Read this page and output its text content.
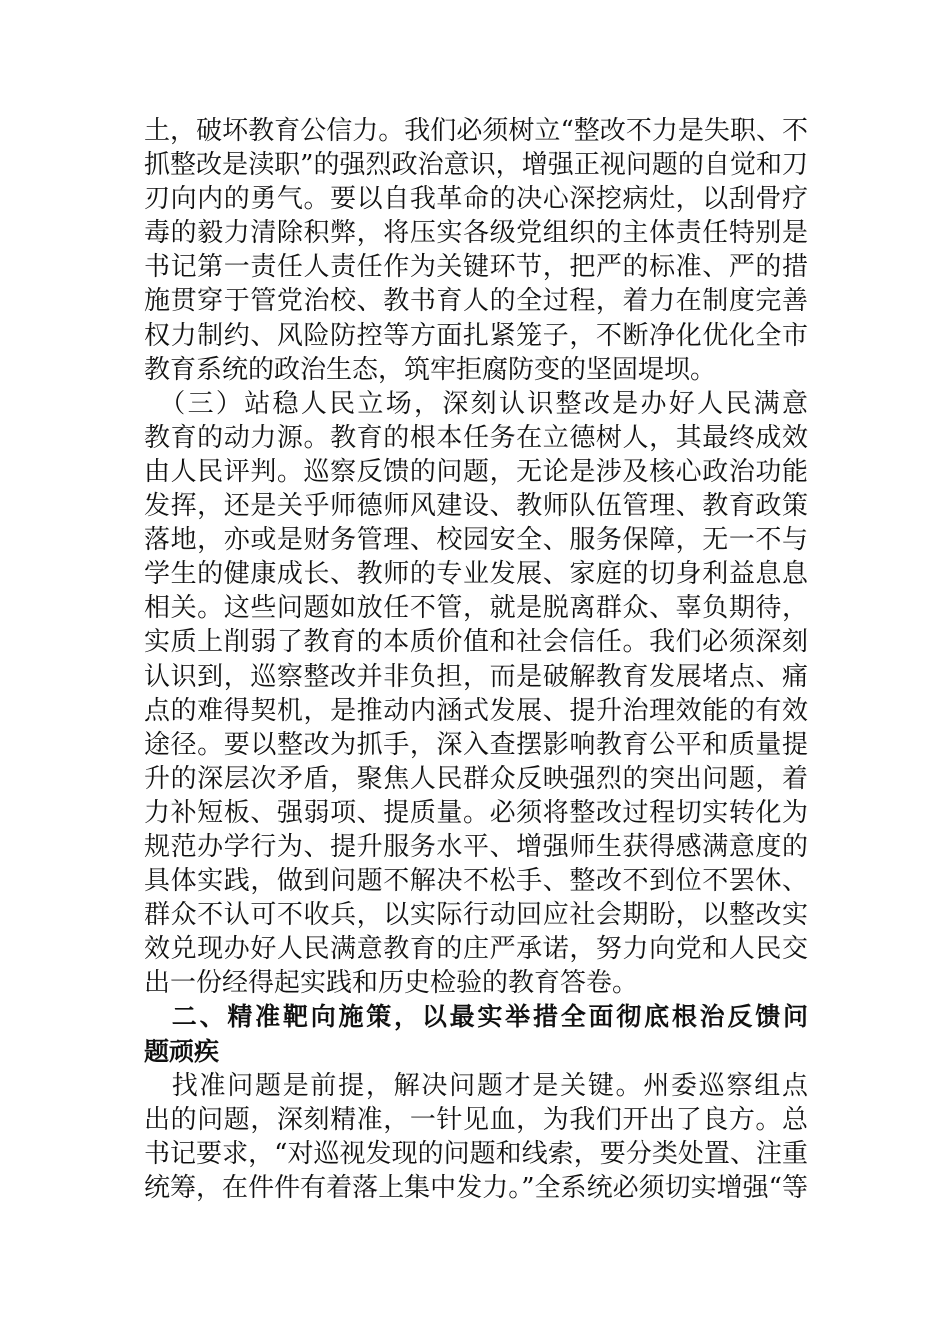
土，破坏教育公信力。我们必须树立“整改不力是失职、不
抓整改是渎职”的强烈政治意识，增强正视问题的自觉和刀
刃向内的勇气。要以自我革命的决心深挖病灶，以刮骨疗
毒的毅力清除积弊，将压实各级党组织的主体责任特别是
书记第一责任人责任作为关键环节，把严的标准、严的措
施贯穿于管党治校、教书育人的全过程，着力在制度完善
权力制约、风险防控等方面扎紧笼子，不断净化优化全市
教育系统的政治生态，筑牢拒腐防变的坚固堤坝。
　（三）站稳人民立场，深刻认识整改是办好人民满意
教育的动力源。教育的根本任务在立德树人，其最终成效
由人民评判。巡察反馈的问题，无论是涉及核心政治功能
发挥，还是关乎师德师风建设、教师队伍管理、教育政策
落地，亦或是财务管理、校园安全、服务保障，无一不与
学生的健康成长、教师的专业发展、家庭的切身利益息息
相关。这些问题如放任不管，就是脱离群众、辜负期待，
实质上削弱了教育的本质价值和社会信任。我们必须深刻
认识到，巡察整改并非负担，而是破解教育发展堵点、痛
点的难得契机，是推动内涵式发展、提升治理效能的有效
途径。要以整改为抓手，深入查摆影响教育公平和质量提
升的深层次矛盾，聚焦人民群众反映强烈的突出问题，着
力补短板、强弱项、提质量。必须将整改过程切实转化为
规范办学行为、提升服务水平、增强师生获得感满意度的
具体实践，做到问题不解决不松手、整改不到位不罢休、
群众不认可不收兵，以实际行动回应社会期盼，以整改实
效兑现办好人民满意教育的庄严承诺，努力向党和人民交
出一份经得起实践和历史检验的教育答卷。
　二、精准靶向施策，以最实举措全面彻底根治反馈问
题顽疾
　找准问题是前提，解决问题才是关键。州委巡察组点
出的问题，深刻精准，一针见血，为我们开出了良方。总
书记要求，“对巡视发现的问题和线索，要分类处置、注重
统筹，在件件有着落上集中发力。”全系统必须切实增强“等
